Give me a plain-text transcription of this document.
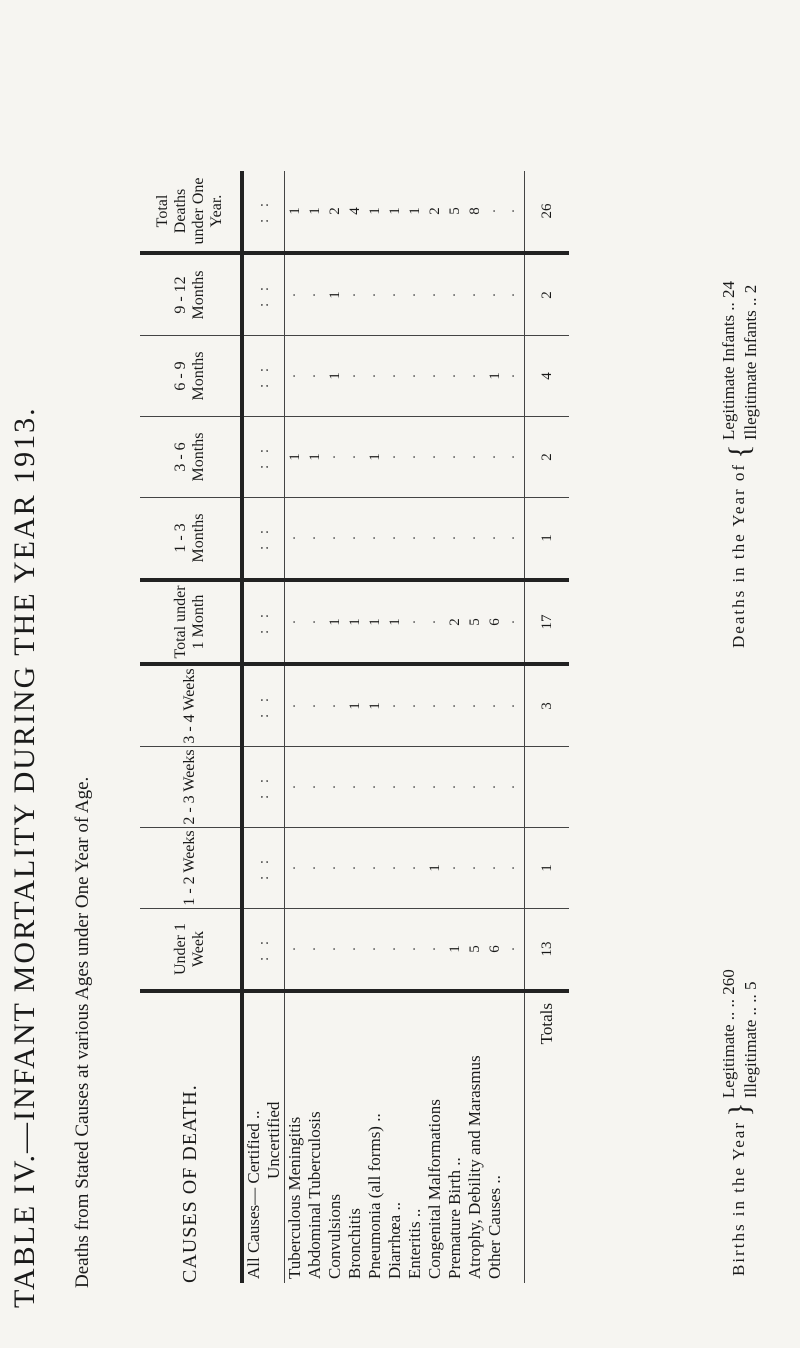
TABLE IV.—INFANT MORTALITY DURING THE YEAR 1913. Deaths from Stated Causes at various Ages under One Year of Age.	CAUSES OF DEATH.	Under 1 Week	1 - 2 Weeks	2 - 3 Weeks	3 - 4 Weeks	Total under 1 Month	1 - 3 Months	3 - 6 Months	6 - 9 Months	9 - 12 Months	Total Deaths under One Year.
All Causes— Certified ..
Uncertified	: :	: :	: :	: :	: :	: :	: :	: :	: :	: :
Tuberculous Meningitis	·	·	·	·	·	·	1	·	·	1
Abdominal Tuberculosis	·	·	·	·	·	·	1	·	·	1
Convulsions	·	·	·	·	1	·	·	1	1	2
Bronchitis	·	·	·	1	1	·	·	·	·	4
Pneumonia (all forms) ..	·	·	·	1	1	·	1	·	·	1
Diarrhœa ..	·	·	·	·	1	·	·	·	·	1
Enteritis ..	·	·	·	·	·	·	·	·	·	1
Congenital Malformations	·	1	·	·	·	·	·	·	·	2
Premature Birth ..	1	·	·	·	2	·	·	·	·	5
Atrophy, Debility and Marasmus	5	·	·	·	5	·	·	·	·	8
Other Causes ..	6	·	·	·	6	·	·	1	·	·
	·	·	·	·	·	·	·	·	·	·
Totals	13	1		3	17	1	2	4	2	26
Births in the Year } Legitimate .. .. 260
Illegitimate .. .. 5
Deaths in the Year of { Legitimate Infants .. 24
Illegitimate Infants .. 2
